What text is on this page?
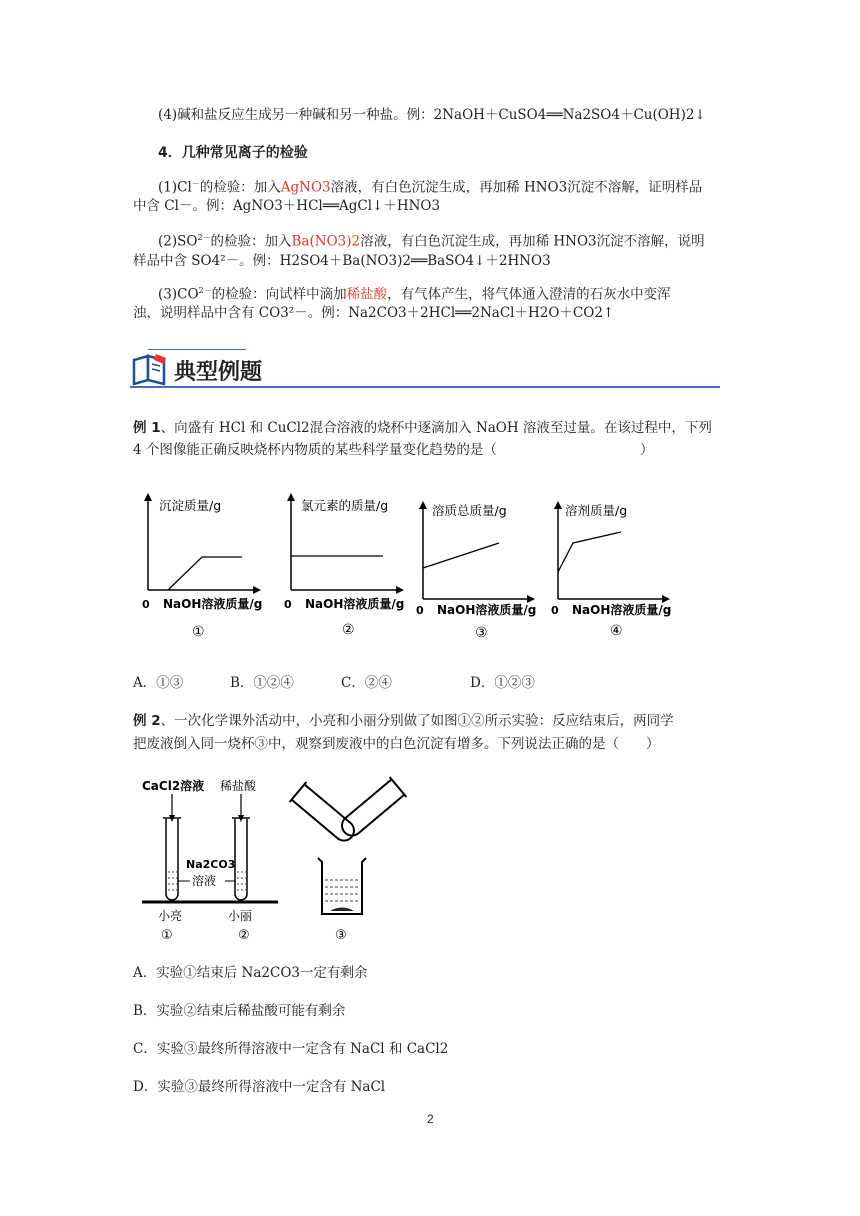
(4)碱和盐反应生成另一种碱和另一种盐。例：2NaOH＋CuSO4══Na2SO4＋Cu(OH)2↓
4．几种常见离子的检验
(1)Cl－的检验：加入AgNO3溶液，有白色沉淀生成，再加稀 HNO3沉淀不溶解，证明样品
中含 Cl－。例：AgNO3＋HCl══AgCl↓＋HNO3
$(2)SO^{2-}$的检验：加入Ba(NO3)2溶液，有白色沉淀生成，再加稀 HNO3沉淀不溶解，说明
样品中含 SO4²－。例：H2SO4＋Ba(NO3)2══BaSO4↓＋2HNO3
$(3)CO^{2-}$的检验：向试样中滴加稀盐酸，有气体产生，将气体通入澄清的石灰水中变浑
浊，说明样品中含有 CO3²－。例：Na2CO3＋2HCl══2NaCl＋H2O＋CO2↑
典型例题
例 1、向盛有 HCl 和 CuCl2混合溶液的烧杯中逐滴加入 NaOH 溶液至过量。在该过程中，下列
4 个图像能正确反映烧杯内物质的某些科学量变化趋势的是（	）
沉淀质量/g
0 NaOH溶液质量/g
①
氯元素的质量/g
0 NaOH溶液质量/g
②
溶质总质量/g
0 NaOH溶液质量/g
③
溶剂质量/g
0 NaOH溶液质量/g
④
A．①③	B．①②④	C．②④	D．①②③
例 2、一次化学课外活动中，小亮和小丽分别做了如图①②所示实验：反应结束后，两同学
把废液倒入同一烧杯③中，观察到废液中的白色沉淀有增多。下列说法正确的是（　　）
CaCl2溶液 稀盐酸
Na2CO3
溶液
小亮	小丽
①	②	③
A．实验①结束后 Na2CO3一定有剩余
B．实验②结束后稀盐酸可能有剩余
C．实验③最终所得溶液中一定含有 NaCl 和 CaCl2
D．实验③最终所得溶液中一定含有 NaCl
2
